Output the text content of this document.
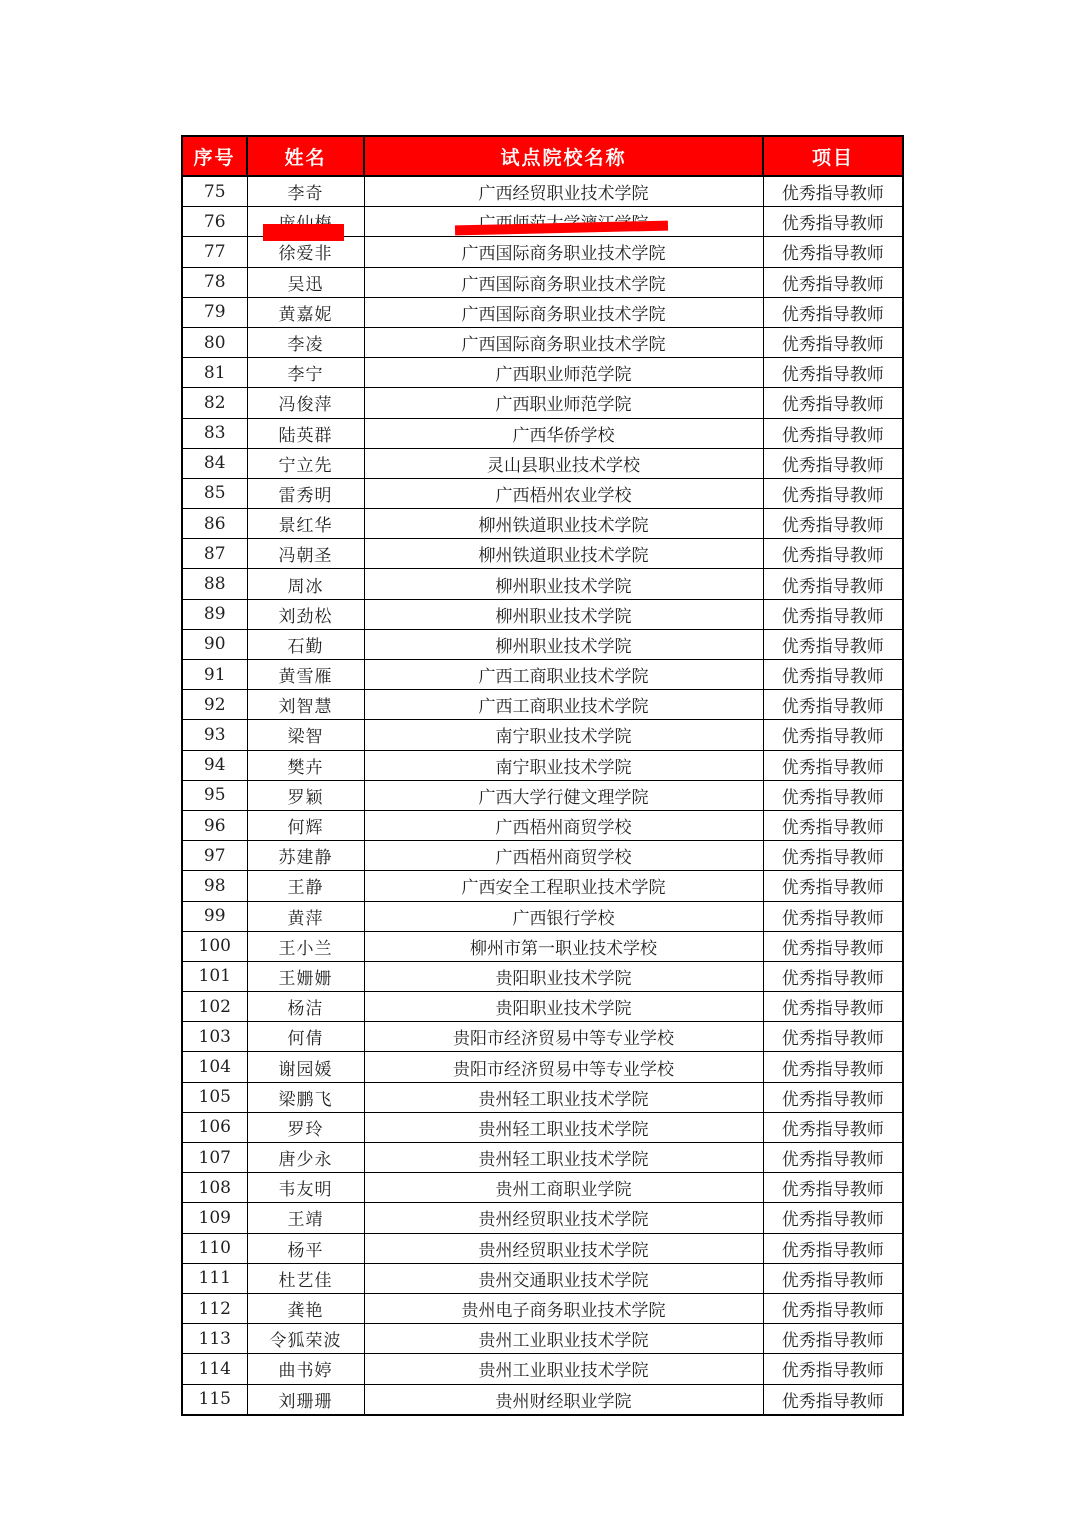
序号	姓名	试点院校名称	项目
75	李奇	广西经贸职业技术学院	优秀指导教师
76			优秀指导教师
77	徐爱非	广西国际商务职业技术学院	优秀指导教师
78	吴迅	广西国际商务职业技术学院	优秀指导教师
79	黄嘉妮	广西国际商务职业技术学院	优秀指导教师
80	李凌	广西国际商务职业技术学院	优秀指导教师
81	李宁	广西职业师范学院	优秀指导教师
82	冯俊萍	广西职业师范学院	优秀指导教师
83	陆英群	广西华侨学校	优秀指导教师
84	宁立先	灵山县职业技术学校	优秀指导教师
85	雷秀明	广西梧州农业学校	优秀指导教师
86	景红华	柳州铁道职业技术学院	优秀指导教师
87	冯朝圣	柳州铁道职业技术学院	优秀指导教师
88	周冰	柳州职业技术学院	优秀指导教师
89	刘劲松	柳州职业技术学院	优秀指导教师
90	石勤	柳州职业技术学院	优秀指导教师
91	黄雪雁	广西工商职业技术学院	优秀指导教师
92	刘智慧	广西工商职业技术学院	优秀指导教师
93	梁智	南宁职业技术学院	优秀指导教师
94	樊卉	南宁职业技术学院	优秀指导教师
95	罗颖	广西大学行健文理学院	优秀指导教师
96	何辉	广西梧州商贸学校	优秀指导教师
97	苏建静	广西梧州商贸学校	优秀指导教师
98	王静	广西安全工程职业技术学院	优秀指导教师
99	黄萍	广西银行学校	优秀指导教师
100	王小兰	柳州市第一职业技术学校	优秀指导教师
101	王姗姗	贵阳职业技术学院	优秀指导教师
102	杨洁	贵阳职业技术学院	优秀指导教师
103	何倩	贵阳市经济贸易中等专业学校	优秀指导教师
104	谢园媛	贵阳市经济贸易中等专业学校	优秀指导教师
105	梁鹏飞	贵州轻工职业技术学院	优秀指导教师
106	罗玲	贵州轻工职业技术学院	优秀指导教师
107	唐少永	贵州轻工职业技术学院	优秀指导教师
108	韦友明	贵州工商职业学院	优秀指导教师
109	王靖	贵州经贸职业技术学院	优秀指导教师
110	杨平	贵州经贸职业技术学院	优秀指导教师
111	杜艺佳	贵州交通职业技术学院	优秀指导教师
112	龚艳	贵州电子商务职业技术学院	优秀指导教师
113	令狐荣波	贵州工业职业技术学院	优秀指导教师
114	曲书婷	贵州工业职业技术学院	优秀指导教师
115	刘珊珊	贵州财经职业学院	优秀指导教师
